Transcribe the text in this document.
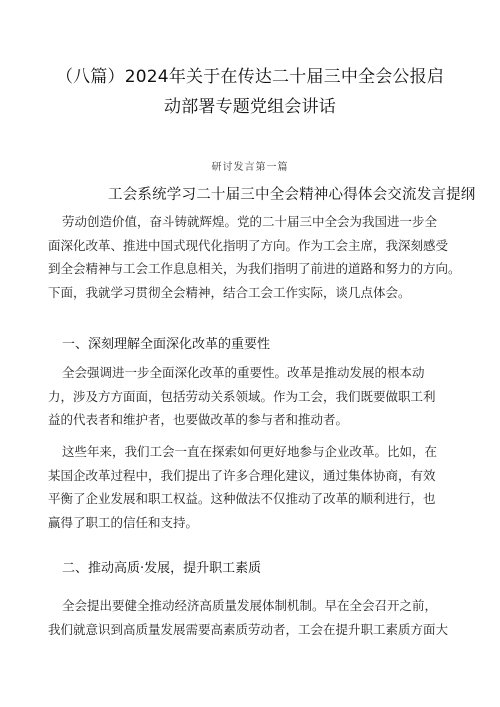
（八篇）2024年关于在传达二十届三中全会公报启
动部署专题党组会讲话
研讨发言第一篇
工会系统学习二十届三中全会精神心得体会交流发言提纲
劳动创造价值，奋斗铸就辉煌。党的二十届三中全会为我国进一步全
面深化改革、推进中国式现代化指明了方向。作为工会主席，我深刻感受
到全会精神与工会工作息息相关，为我们指明了前进的道路和努力的方向。
下面，我就学习贯彻全会精神，结合工会工作实际，谈几点体会。
一、深刻理解全面深化改革的重要性
全会强调进一步全面深化改革的重要性。改革是推动发展的根本动
力，涉及方方面面，包括劳动关系领域。作为工会，我们既要做职工利
益的代表者和维护者，也要做改革的参与者和推动者。
这些年来，我们工会一直在探索如何更好地参与企业改革。比如，在
某国企改革过程中，我们提出了许多合理化建议，通过集体协商，有效
平衡了企业发展和职工权益。这种做法不仅推动了改革的顺利进行，也
赢得了职工的信任和支持。
二、推动高质·发展，提升职工素质
全会提出要健全推动经济高质量发展体制机制。早在全会召开之前，
我们就意识到高质量发展需要高素质劳动者，工会在提升职工素质方面大
